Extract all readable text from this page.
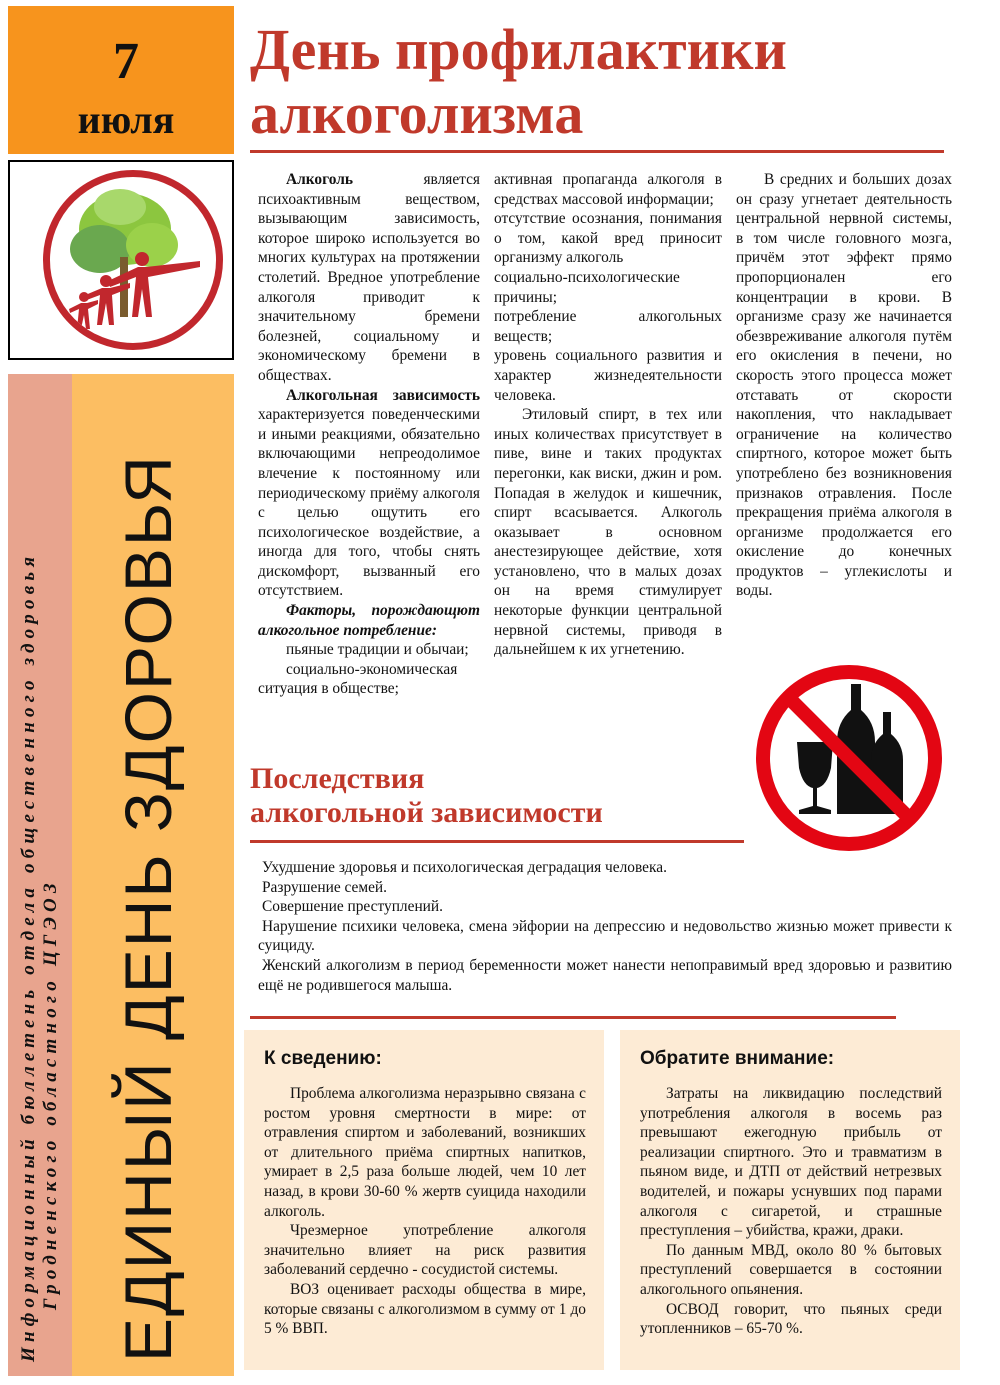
7
июля
Информационный бюллетень отдела общественного здоровья Гродненского областного ЦГЭОЗ ЕДИНЫЙ ДЕНЬ ЗДОРОВЬЯ
День профилактики
алкоголизма

Алкоголь является психоактивным веществом, вызывающим зависимость, которое широко используется во многих культурах на протяжении столетий. Вредное употребление алкоголя приводит к значительному бремени болезней, социальному и экономическому бремени в обществах.

Алкогольная зависимость характеризуется поведенческими и иными реакциями, обязательно включающими непреодолимое влечение к постоянному или периодическому приёму алкоголя с целью ощутить его психологическое воздействие, а иногда для того, чтобы снять дискомфорт, вызванный его отсутствием.

Факторы, порождающют алкогольное потребление:

пьяные традиции и обычаи;

социально-экономическая ситуация в обществе;

активная пропаганда алкоголя в средствах массовой информации;

отсутствие осознания, понимания о том, какой вред приносит организму алкоголь

социально-психологические причины;

потребление алкогольных веществ;

уровень социального развития и характер жизнедеятельности человека.

Этиловый спирт, в тех или иных количествах присутствует в пиве, вине и таких продуктах перегонки, как виски, джин и ром. Попадая в желудок и кишечник, спирт всасывается. Алкоголь оказывает в основном анестезирующее действие, хотя установлено, что в малых дозах он на время стимулирует некоторые функции центральной нервной системы, приводя в дальнейшем к их угнетению.

В средних и больших дозах он сразу угнетает деятельность центральной нервной системы, в том числе головного мозга, причём этот эффект прямо пропорционален его концентрации в крови. В организме сразу же начинается обезвреживание алкоголя путём его окисления в печени, но скорость этого процесса может отставать от скорости накопления, что накладывает ограничение на количество спиртного, которое может быть употреблено без возникновения признаков отравления. После прекращения приёма алкоголя в организме продолжается его окисление до конечных продуктов – углекислоты и воды.

Последствия
алкогольной зависимости

Ухудшение здоровья и психологическая деградация человека.

Разрушение семей.

Совершение преступлений.

Нарушение психики человека, смена эйфории на депрессию и недовольство жизнью может привести к суициду.

Женский алкоголизм в период беременности может нанести непоправимый вред здоровью и развитию ещё не родившегося малыша.

К сведению:

Проблема алкоголизма неразрывно связана с ростом уровня смертности в мире: от отравления спиртом и заболеваний, возникших от длительного приёма спиртных напитков, умирает в 2,5 раза больше людей, чем 10 лет назад, в крови 30-60 % жертв суицида находили алкоголь.

Чрезмерное употребление алкоголя значительно влияет на риск развития заболеваний сердечно - сосудистой системы.

ВОЗ оценивает расходы общества в мире, которые связаны с алкоголизмом в сумму от 1 до 5 % ВВП.

Обратите внимание:

Затраты на ликвидацию последствий употребления алкоголя в восемь раз превышают ежегодную прибыль от реализации спиртного. Это и травматизм в пьяном виде, и ДТП от действий нетрезвых водителей, и пожары уснувших под парами алкоголя с сигаретой, и страшные преступления – убийства, кражи, драки.

По данным МВД, около 80 % бытовых преступлений совершается в состоянии алкогольного опьянения.

ОСВОД говорит, что пьяных среди утопленников – 65-70 %.
